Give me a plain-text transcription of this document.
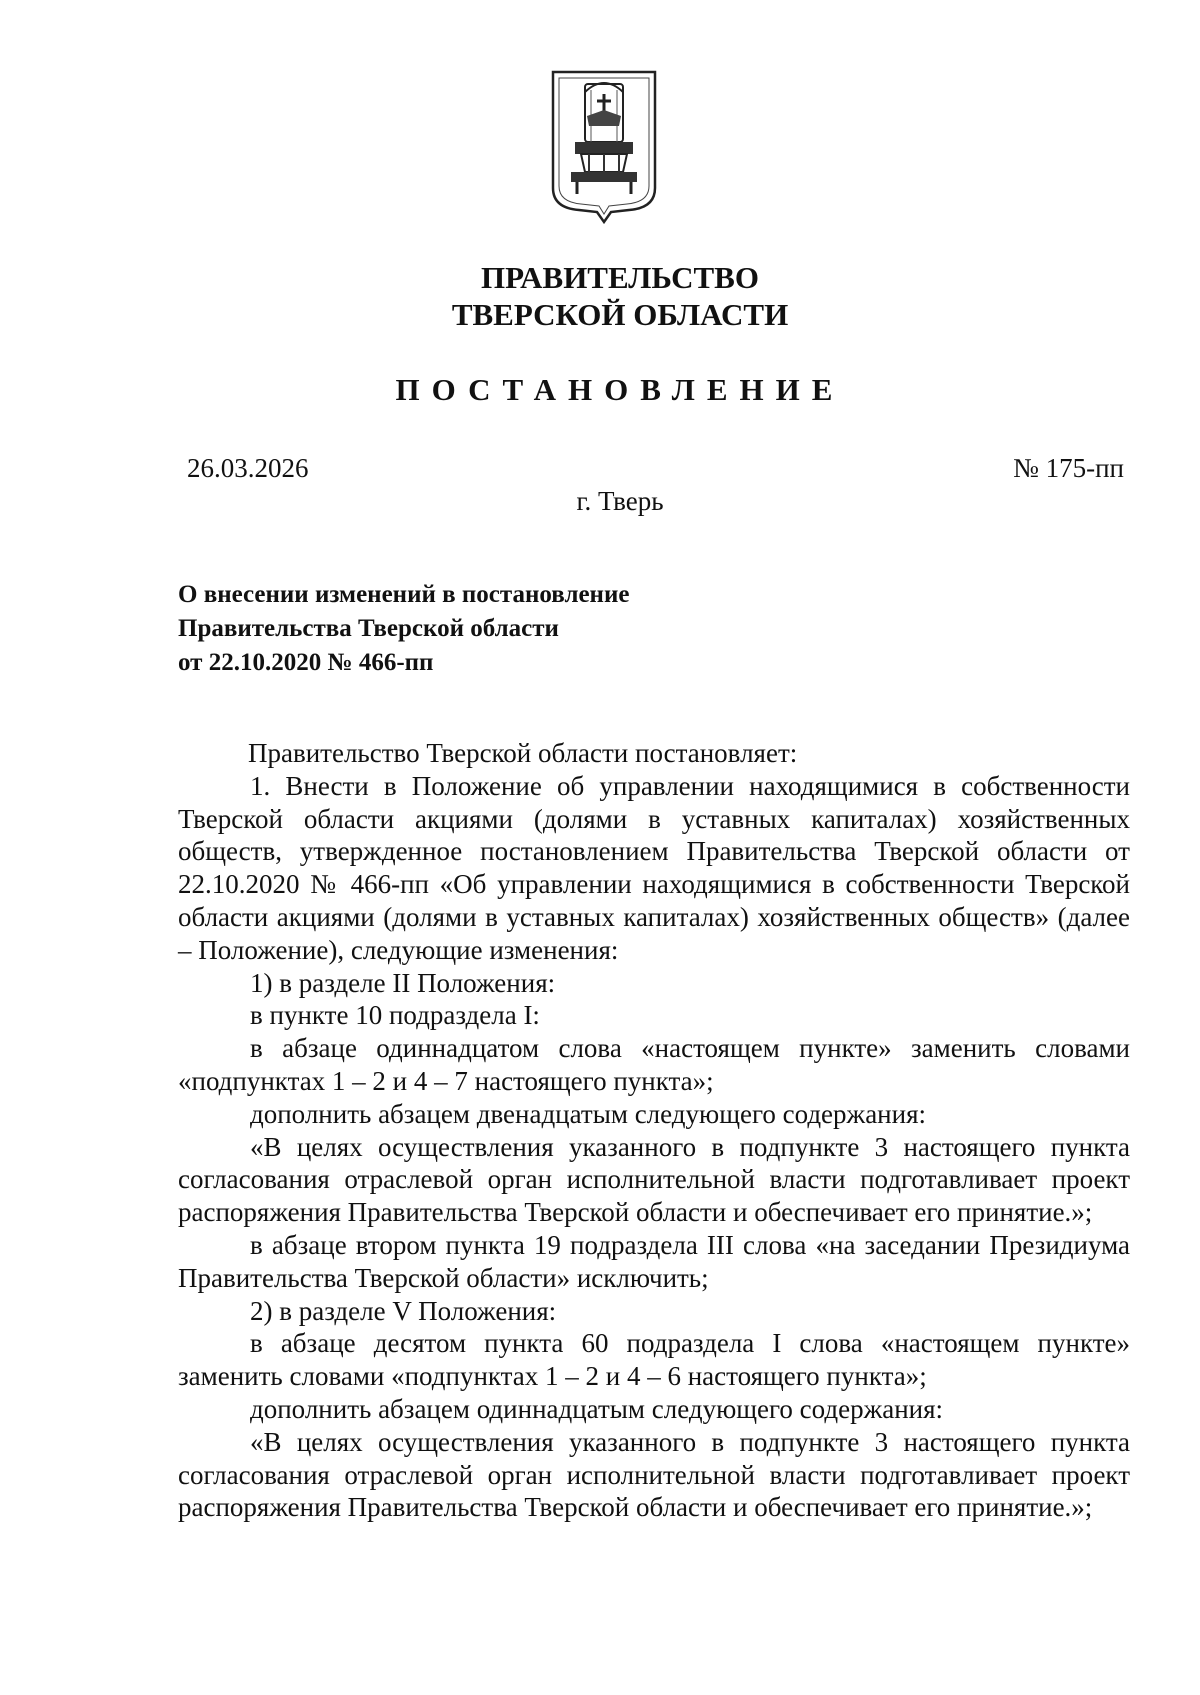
ПРАВИТЕЛЬСТВО
ТВЕРСКОЙ ОБЛАСТИ
ПОСТАНОВЛЕНИЕ
26.03.2026	№ 175-пп
г. Тверь
О внесении изменений в постановление
Правительства Тверской области
от 22.10.2020 № 466-пп

Правительство Тверской области постановляет:

1. Внести в Положение об управлении находящимися в собственности Тверской области акциями (долями в уставных капиталах) хозяйственных обществ, утвержденное постановлением Правительства Тверской области от 22.10.2020 № 466-пп «Об управлении находящимися в собственности Тверской области акциями (долями в уставных капиталах) хозяйственных обществ» (далее – Положение), следующие изменения:

1) в разделе II Положения:

в пункте 10 подраздела I:

в абзаце одиннадцатом слова «настоящем пункте» заменить словами «подпунктах 1 – 2 и 4 – 7 настоящего пункта»;

дополнить абзацем двенадцатым следующего содержания:

«В целях осуществления указанного в подпункте 3 настоящего пункта согласования отраслевой орган исполнительной власти подготавливает проект распоряжения Правительства Тверской области и обеспечивает его принятие.»;

в абзаце втором пункта 19 подраздела III слова «на заседании Президиума Правительства Тверской области» исключить;

2) в разделе V Положения:

в абзаце десятом пункта 60 подраздела I слова «настоящем пункте» заменить словами «подпунктах 1 – 2 и 4 – 6 настоящего пункта»;

дополнить абзацем одиннадцатым следующего содержания:

«В целях осуществления указанного в подпункте 3 настоящего пункта согласования отраслевой орган исполнительной власти подготавливает проект распоряжения Правительства Тверской области и обеспечивает его принятие.»;
